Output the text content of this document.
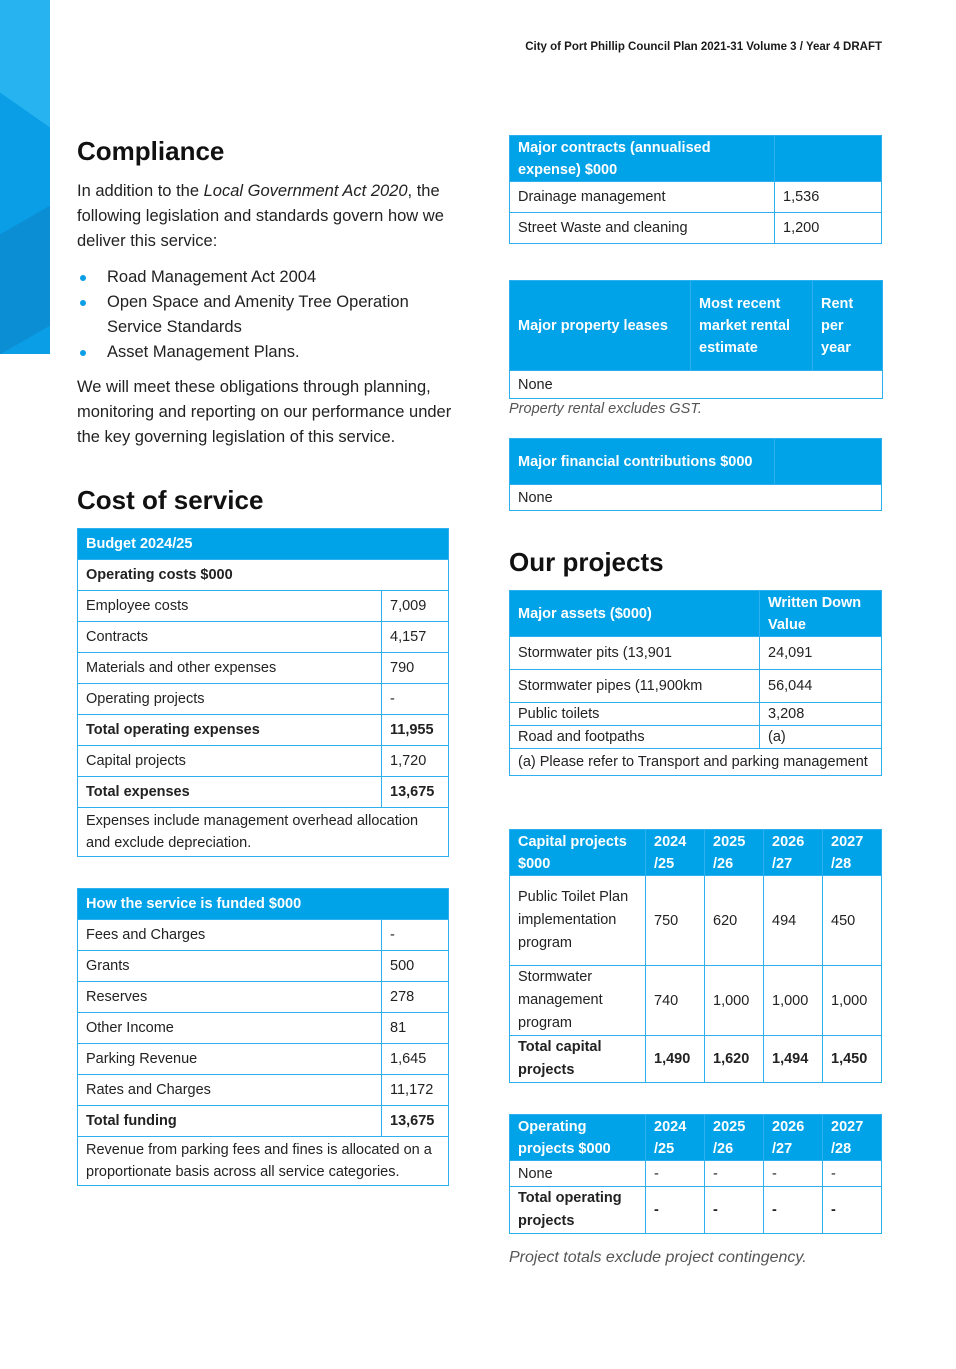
City of Port Phillip Council Plan 2021-31 Volume 3 / Year 4 DRAFT
Compliance

In addition to the Local Government Act 2020, the following legislation and standards govern how we deliver this service:

Road Management Act 2004
Open Space and Amenity Tree Operation Service Standards
Asset Management Plans.

We will meet these obligations through planning, monitoring and reporting on our performance under the key governing legislation of this service.

Cost of service
Budget 2024/25	
Operating costs $000	
Employee costs	7,009
Contracts	4,157
Materials and other expenses	790
Operating projects	-
Total operating expenses	11,955
Capital projects	1,720
Total expenses	13,675
Expenses include management overhead allocation and exclude depreciation.	
How the service is funded $000	
Fees and Charges	-
Grants	500
Reserves	278
Other Income	81
Parking Revenue	1,645
Rates and Charges	11,172
Total funding	13,675
Revenue from parking fees and fines is allocated on a proportionate basis across all service categories.	
Major contracts (annualised expense) $000	
Drainage management	1,536
Street Waste and cleaning	1,200
Major property leases	Most recent market rental estimate	Rent per year
None
Property rental excludes GST.
Major financial contributions $000	
None
Our projects
Major assets ($000)	Written Down Value
Stormwater pits (13,901	24,091
Stormwater pipes (11,900km	56,044
Public toilets	3,208
Road and footpaths	(a)
(a) Please refer to Transport and parking management	
Capital projects $000	2024 /25	2025 /26	2026 /27	2027 /28
Public Toilet Plan implementation program	750	620	494	450
Stormwater management program	740	1,000	1,000	1,000
Total capital projects	1,490	1,620	1,494	1,450
Operating projects $000	2024 /25	2025 /26	2026 /27	2027 /28
None	-	-	-	-
Total operating projects	-	-	-	-
Project totals exclude project contingency.
